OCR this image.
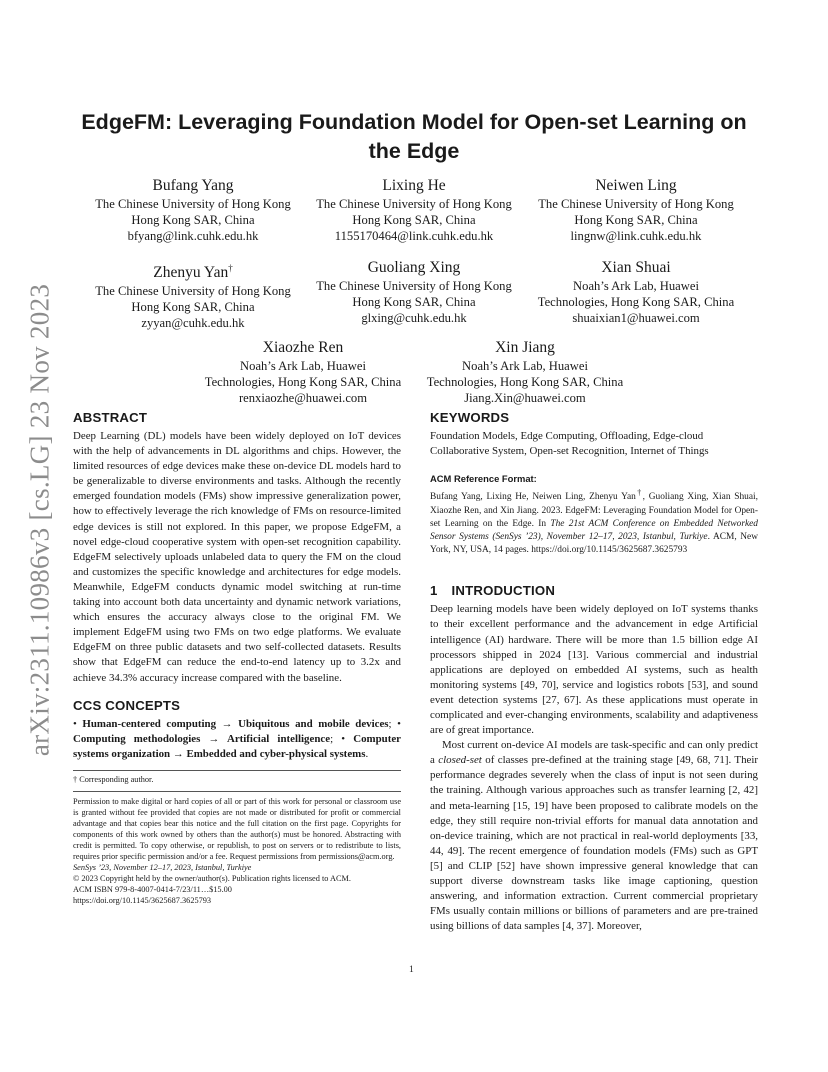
arXiv:2311.10986v3 [cs.LG] 23 Nov 2023
EdgeFM: Leveraging Foundation Model for Open-set Learning on the Edge
Bufang Yang
The Chinese University of Hong Kong
Hong Kong SAR, China
bfyang@link.cuhk.edu.hk
Lixing He
The Chinese University of Hong Kong
Hong Kong SAR, China
1155170464@link.cuhk.edu.hk
Neiwen Ling
The Chinese University of Hong Kong
Hong Kong SAR, China
lingnw@link.cuhk.edu.hk
Zhenyu Yan†
The Chinese University of Hong Kong
Hong Kong SAR, China
zyyan@cuhk.edu.hk
Guoliang Xing
The Chinese University of Hong Kong
Hong Kong SAR, China
glxing@cuhk.edu.hk
Xian Shuai
Noah’s Ark Lab, Huawei
Technologies, Hong Kong SAR, China
shuaixian1@huawei.com
Xiaozhe Ren
Noah’s Ark Lab, Huawei
Technologies, Hong Kong SAR, China
renxiaozhe@huawei.com
Xin Jiang
Noah’s Ark Lab, Huawei
Technologies, Hong Kong SAR, China
Jiang.Xin@huawei.com
ABSTRACT

Deep Learning (DL) models have been widely deployed on IoT devices with the help of advancements in DL algorithms and chips. However, the limited resources of edge devices make these on-device DL models hard to be generalizable to diverse environments and tasks. Although the recently emerged foundation models (FMs) show impressive generalization power, how to effectively leverage the rich knowledge of FMs on resource-limited edge devices is still not explored. In this paper, we propose EdgeFM, a novel edge-cloud cooperative system with open-set recognition capability. EdgeFM selectively uploads unlabeled data to query the FM on the cloud and customizes the specific knowledge and architectures for edge models. Meanwhile, EdgeFM conducts dynamic model switching at run-time taking into account both data uncertainty and dynamic network variations, which ensures the accuracy always close to the original FM. We implement EdgeFM using two FMs on two edge platforms. We evaluate EdgeFM on three public datasets and two self-collected datasets. Results show that EdgeFM can reduce the end-to-end latency up to 3.2x and achieve 34.3% accuracy increase compared with the baseline.

CCS CONCEPTS

• Human-centered computing → Ubiquitous and mobile devices; • Computing methodologies → Artificial intelligence; • Computer systems organization → Embedded and cyber-physical systems.

† Corresponding author.

Permission to make digital or hard copies of all or part of this work for personal or classroom use is granted without fee provided that copies are not made or distributed for profit or commercial advantage and that copies bear this notice and the full citation on the first page. Copyrights for components of this work owned by others than the author(s) must be honored. Abstracting with credit is permitted. To copy otherwise, or republish, to post on servers or to redistribute to lists, requires prior specific permission and/or a fee. Request permissions from permissions@acm.org.

SenSys ’23, November 12–17, 2023, Istanbul, Turkiye

© 2023 Copyright held by the owner/author(s). Publication rights licensed to ACM.

ACM ISBN 979-8-4007-0414-7/23/11…$15.00

https://doi.org/10.1145/3625687.3625793

KEYWORDS

Foundation Models, Edge Computing, Offloading, Edge-cloud Collaborative System, Open-set Recognition, Internet of Things

ACM Reference Format:

Bufang Yang, Lixing He, Neiwen Ling, Zhenyu Yan†, Guoliang Xing, Xian Shuai, Xiaozhe Ren, and Xin Jiang. 2023. EdgeFM: Leveraging Foundation Model for Open-set Learning on the Edge. In The 21st ACM Conference on Embedded Networked Sensor Systems (SenSys ’23), November 12–17, 2023, Istanbul, Turkiye. ACM, New York, NY, USA, 14 pages. https://doi.org/10.1145/3625687.3625793

1 INTRODUCTION

Deep learning models have been widely deployed on IoT systems thanks to their excellent performance and the advancement in edge Artificial intelligence (AI) hardware. There will be more than 1.5 billion edge AI processors shipped in 2024 [13]. Various commercial and industrial applications are deployed on embedded AI systems, such as health monitoring systems [49, 70], service and logistics robots [53], and sound event detection systems [27, 67]. As these applications must operate in complicated and ever-changing environments, scalability and adaptiveness are of great importance.

Most current on-device AI models are task-specific and can only predict a closed-set of classes pre-defined at the training stage [49, 68, 71]. Their performance degrades severely when the class of input is not seen during the training. Although various approaches such as transfer learning [2, 42] and meta-learning [15, 19] have been proposed to calibrate models on the edge, they still require non-trivial efforts for manual data annotation and on-device training, which are not practical in real-world deployments [33, 44, 49]. The recent emergence of foundation models (FMs) such as GPT [5] and CLIP [52] have shown impressive general knowledge that can support diverse downstream tasks like image captioning, question answering, and information extraction. Current commercial proprietary FMs usually contain millions or billions of parameters and are pre-trained using billions of data samples [4, 37]. Moreover,

1
